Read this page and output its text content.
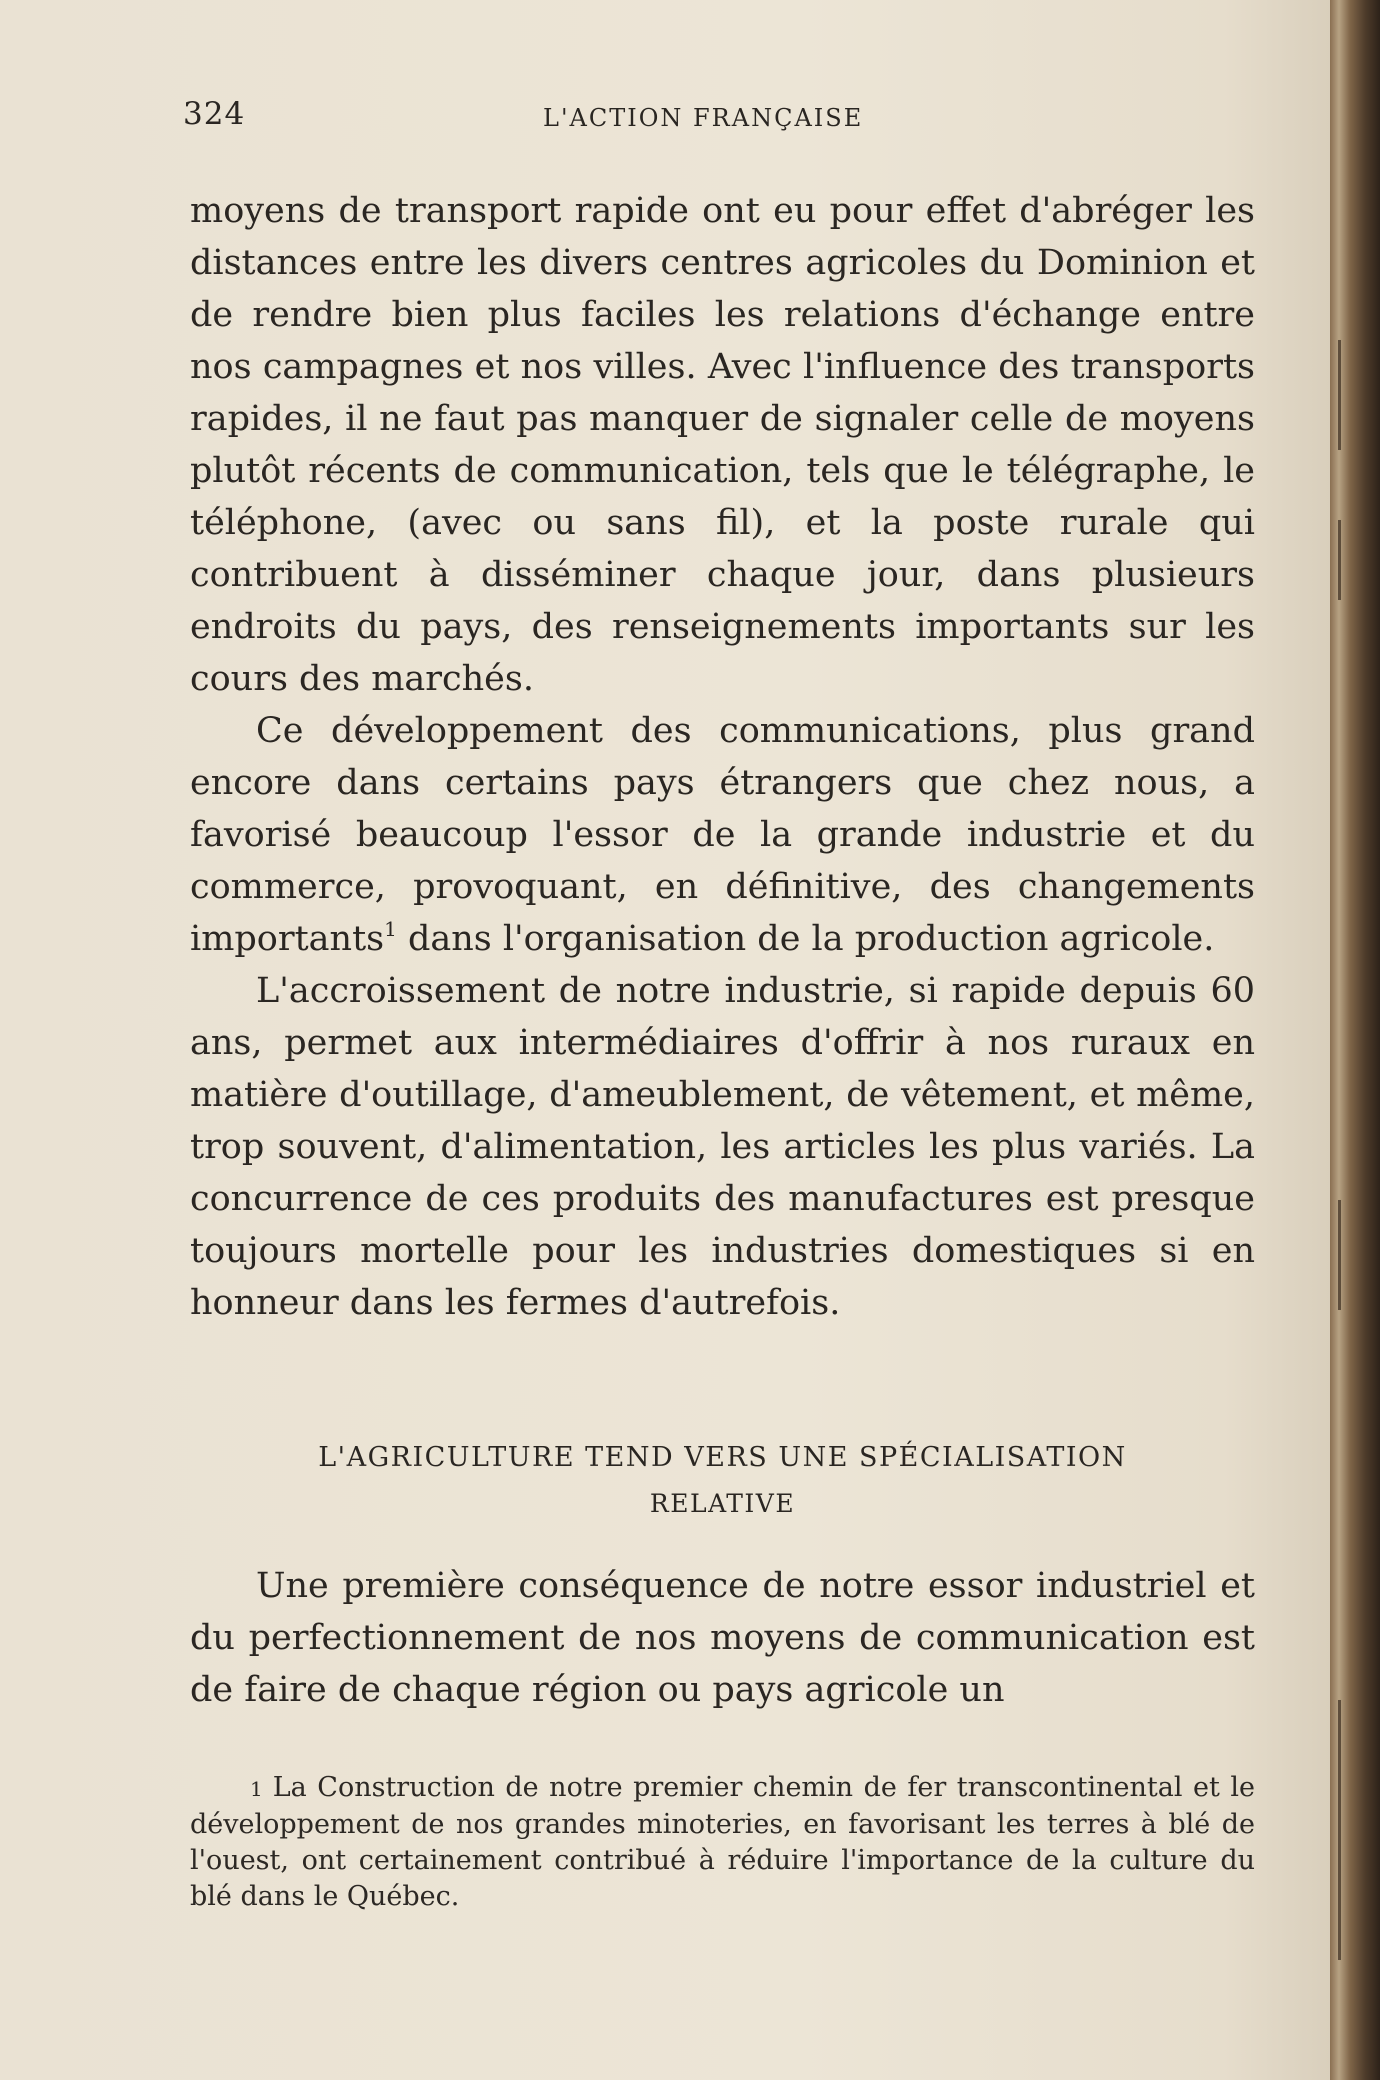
324	L'ACTION FRANÇAISE

moyens de transport rapide ont eu pour effet d'abréger les distances entre les divers centres agricoles du Dominion et de rendre bien plus faciles les relations d'échange entre nos campagnes et nos villes. Avec l'influence des transports rapides, il ne faut pas manquer de signaler celle de moyens plutôt récents de communication, tels que le télégraphe, le téléphone, (avec ou sans fil), et la poste rurale qui contribuent à disséminer chaque jour, dans plusieurs endroits du pays, des renseignements importants sur les cours des marchés.

Ce développement des communications, plus grand encore dans certains pays étrangers que chez nous, a favorisé beaucoup l'essor de la grande industrie et du commerce, provoquant, en définitive, des changements importants$^1$ dans l'organisation de la production agricole.

L'accroissement de notre industrie, si rapide depuis 60 ans, permet aux intermédiaires d'offrir à nos ruraux en matière d'outillage, d'ameublement, de vêtement, et même, trop souvent, d'alimentation, les articles les plus variés. La concurrence de ces produits des manufactures est presque toujours mortelle pour les industries domestiques si en honneur dans les fermes d'autrefois.

L'AGRICULTURE TEND VERS UNE SPÉCIALISATION
RELATIVE

Une première conséquence de notre essor industriel et du perfectionnement de nos moyens de communication est de faire de chaque région ou pays agricole un

1 La Construction de notre premier chemin de fer transcontinental et le développement de nos grandes minoteries, en favorisant les terres à blé de l'ouest, ont certainement contribué à réduire l'importance de la culture du blé dans le Québec.
